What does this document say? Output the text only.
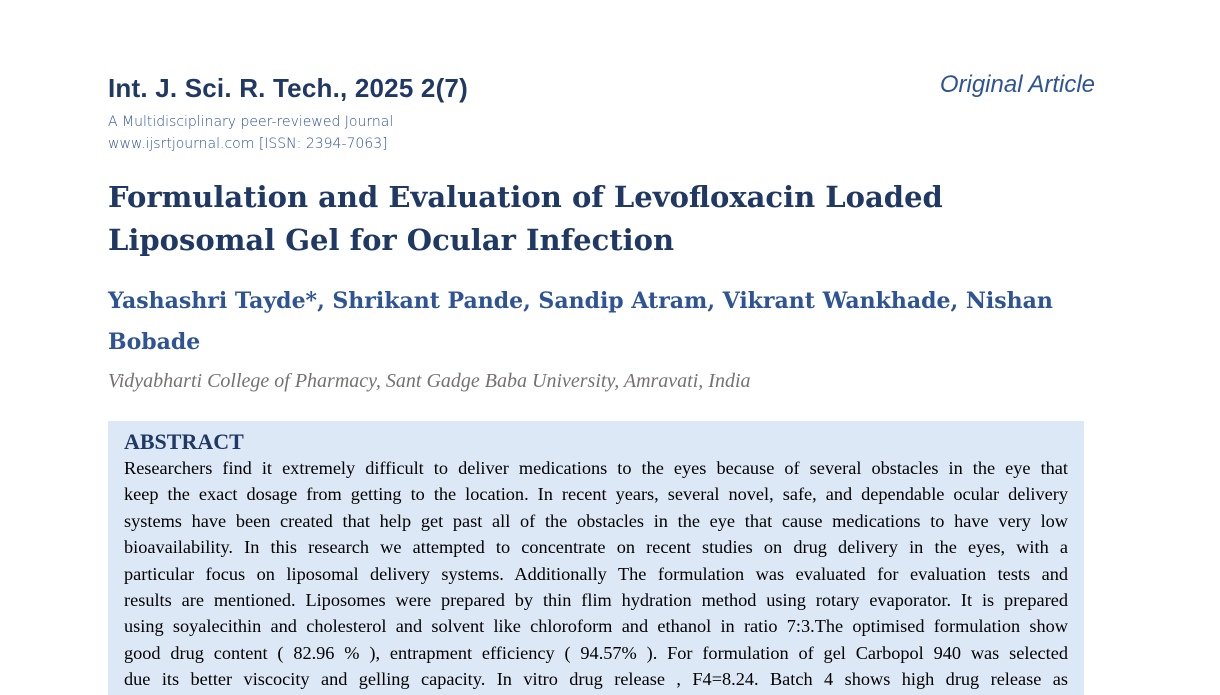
Int. J. Sci. R. Tech., 2025 2(7)	Original Article
A Multidisciplinary peer-reviewed Journal
www.ijsrtjournal.com [ISSN: 2394-7063]
Formulation and Evaluation of Levofloxacin Loaded Liposomal Gel for Ocular Infection

Yashashri Tayde*, Shrikant Pande, Sandip Atram, Vikrant Wankhade, Nishan Bobade

Vidyabharti College of Pharmacy, Sant Gadge Baba University, Amravati, India
ABSTRACT
Researchers find it extremely difficult to deliver medications to the eyes because of several obstacles in the eye that
keep the exact dosage from getting to the location. In recent years, several novel, safe, and dependable ocular delivery
systems have been created that help get past all of the obstacles in the eye that cause medications to have very low
bioavailability. In this research we attempted to concentrate on recent studies on drug delivery in the eyes, with a
particular focus on liposomal delivery systems. Additionally The formulation was evaluated for evaluation tests and
results are mentioned. Liposomes were prepared by thin flim hydration method using rotary evaporator. It is prepared
using soyalecithin and cholesterol and solvent like chloroform and ethanol in ratio 7:3.The optimised formulation show
good drug content ( 82.96 % ), entrapment efficiency ( 94.57% ). For formulation of gel Carbopol 940 was selected
due its better viscocity and gelling capacity. In vitro drug release , F4=8.24. Batch 4 shows high drug release as
